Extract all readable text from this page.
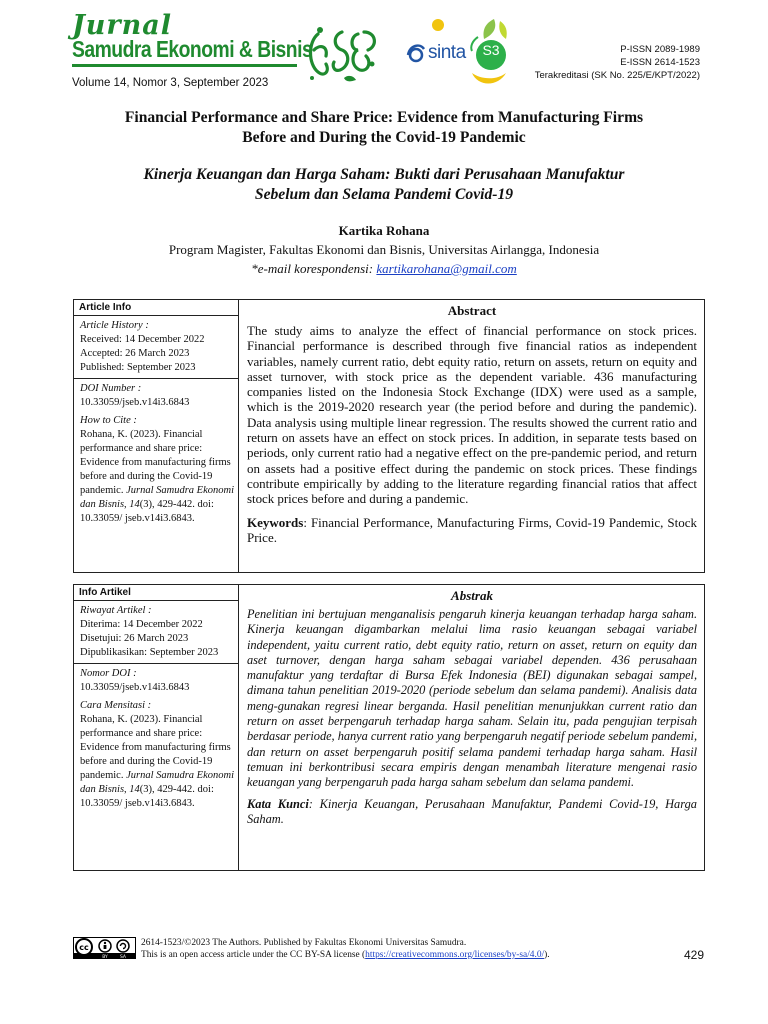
Jurnal
Samudra Ekonomi & Bisnis
Volume 14, Nomor 3, September 2023
sinta	S3	P-ISSN 2089-1989
E-ISSN 2614-1523
Terakreditasi (SK No. 225/E/KPT/2022)
Financial Performance and Share Price: Evidence from Manufacturing Firms
Before and During the Covid-19 Pandemic
Kinerja Keuangan dan Harga Saham: Bukti dari Perusahaan Manufaktur
Sebelum dan Selama Pandemi Covid-19
Kartika Rohana
Program Magister, Fakultas Ekonomi dan Bisnis, Universitas Airlangga, Indonesia
*e-mail korespondensi: kartikarohana@gmail.com
Article Info
Article History :
Received: 14 December 2022
Accepted: 26 March 2023
Published: September 2023
DOI Number :
10.33059/jseb.v14i3.6843
How to Cite :
Rohana, K. (2023). Financial performance and share price: Evidence from manufacturing firms before and during the Covid-19 pandemic. Jurnal Samudra Ekonomi dan Bisnis, 14(3), 429-442. doi: 10.33059/ jseb.v14i3.6843.
Abstract
The study aims to analyze the effect of financial performance on stock prices. Financial performance is described through five financial ratios as independent variables, namely current ratio, debt equity ratio, return on assets, return on equity and asset turnover, with stock price as the dependent variable. 436 manufacturing companies listed on the Indonesia Stock Exchange (IDX) were used as a sample, which is the 2019-2020 research year (the period before and during the pandemic). Data analysis using multiple linear regression. The results showed the current ratio and return on assets have an effect on stock prices. In addition, in separate tests based on periods, only current ratio had a negative effect on the pre-pandemic period, and return on assets had a positive effect during the pandemic on stock prices. These findings contribute empirically by adding to the literature regarding financial ratios that affect stock prices before and during a pandemic.
Keywords: Financial Performance, Manufacturing Firms, Covid-19 Pandemic, Stock Price.
Info Artikel
Riwayat Artikel :
Diterima: 14 December 2022
Disetujui: 26 March 2023
Dipublikasikan: September 2023
Nomor DOI :
10.33059/jseb.v14i3.6843
Cara Mensitasi :
Rohana, K. (2023). Financial performance and share price: Evidence from manufacturing firms before and during the Covid-19 pandemic. Jurnal Samudra Ekonomi dan Bisnis, 14(3), 429-442. doi: 10.33059/ jseb.v14i3.6843.
Abstrak
Penelitian ini bertujuan menganalisis pengaruh kinerja keuangan terhadap harga saham. Kinerja keuangan digambarkan melalui lima rasio keuangan sebagai variabel independent, yaitu current ratio, debt equity ratio, return on asset, return on equity dan aset turnover, dengan harga saham sebagai variabel dependen. 436 perusahaan manufaktur yang terdaftar di Bursa Efek Indonesia (BEI) digunakan sebagai sampel, dimana tahun penelitian 2019-2020 (periode sebelum dan selama pandemi). Analisis data meng-gunakan regresi linear berganda. Hasil penelitian menunjukkan current ratio dan return on asset berpengaruh terhadap harga saham. Selain itu, pada pengujian terpisah berdasar periode, hanya current ratio yang berpengaruh negatif periode sebelum pandemi, dan return on asset berpengaruh positif selama pandemi terhadap harga saham. Hasil temuan ini berkontribusi secara empiris dengan menambah literature mengenai rasio keuangan yang berpengaruh pada harga saham sebelum dan selama pandemi.
Kata Kunci: Kinerja Keuangan, Perusahaan Manufaktur, Pandemi Covid-19, Harga Saham.
cc
BY	SA
2614-1523/©2023 The Authors. Published by Fakultas Ekonomi Universitas Samudra.
This is an open access article under the CC BY-SA license (https://creativecommons.org/licenses/by-sa/4.0/).	429
